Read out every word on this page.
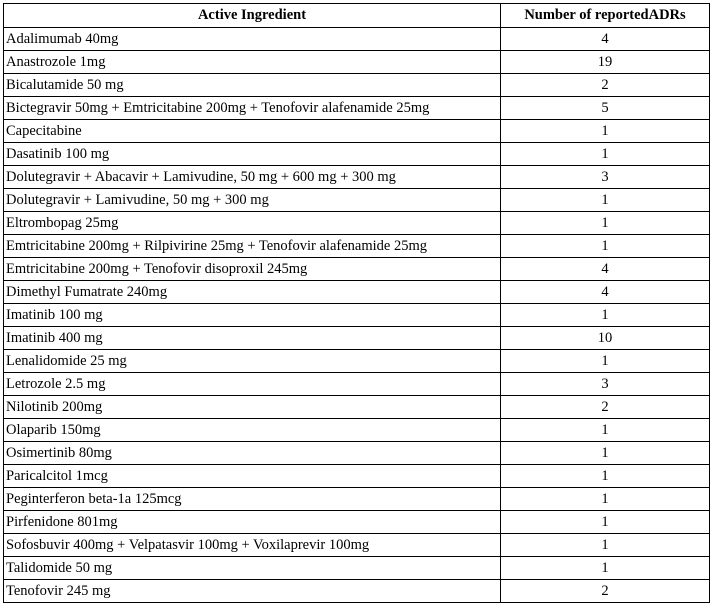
Active Ingredient	Number of reportedADRs
Adalimumab 40mg	4
Anastrozole 1mg	19
Bicalutamide 50 mg	2
Bictegravir 50mg + Emtricitabine 200mg + Tenofovir alafenamide 25mg	5
Capecitabine	1
Dasatinib 100 mg	1
Dolutegravir + Abacavir + Lamivudine, 50 mg + 600 mg + 300 mg	3
Dolutegravir + Lamivudine, 50 mg + 300 mg	1
Eltrombopag 25mg	1
Emtricitabine 200mg + Rilpivirine 25mg + Tenofovir alafenamide 25mg	1
Emtricitabine 200mg + Tenofovir disoproxil 245mg	4
Dimethyl Fumatrate 240mg	4
Imatinib 100 mg	1
Imatinib 400 mg	10
Lenalidomide 25 mg	1
Letrozole 2.5 mg	3
Nilotinib 200mg	2
Olaparib 150mg	1
Osimertinib 80mg	1
Paricalcitol 1mcg	1
Peginterferon beta-1a 125mcg	1
Pirfenidone 801mg	1
Sofosbuvir 400mg + Velpatasvir 100mg + Voxilaprevir 100mg	1
Talidomide 50 mg	1
Tenofovir 245 mg	2
